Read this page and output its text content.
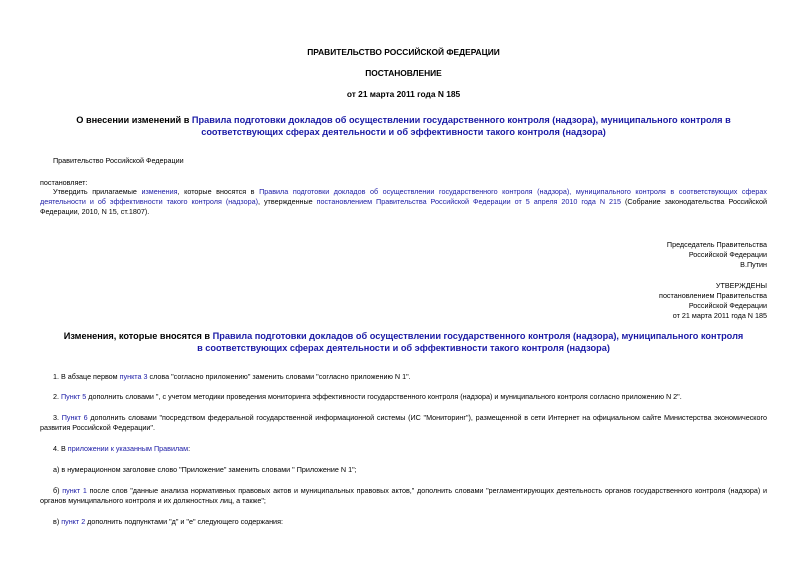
ПРАВИТЕЛЬСТВО РОССИЙСКОЙ ФЕДЕРАЦИИ
ПОСТАНОВЛЕНИЕ
от 21 марта 2011 года N 185
О внесении изменений в Правила подготовки докладов об осуществлении государственного контроля (надзора), муниципального контроля в соответствующих сферах деятельности и об эффективности такого контроля (надзора)
Правительство Российской Федерации
постановляет:
Утвердить прилагаемые изменения, которые вносятся в Правила подготовки докладов об осуществлении государственного контроля (надзора), муниципального контроля в соответствующих сферах деятельности и об эффективности такого контроля (надзора), утвержденные постановлением Правительства Российской Федерации от 5 апреля 2010 года N 215 (Собрание законодательства Российской Федерации, 2010, N 15, ст.1807).
Председатель Правительства
Российской Федерации
В.Путин
УТВЕРЖДЕНЫ
постановлением Правительства
Российской Федерации
от 21 марта 2011 года N 185
Изменения, которые вносятся в Правила подготовки докладов об осуществлении государственного контроля (надзора), муниципального контроля в соответствующих сферах деятельности и об эффективности такого контроля (надзора)
1. В абзаце первом пункта 3 слова "согласно приложению" заменить словами "согласно приложению N 1".
2. Пункт 5 дополнить словами ", с учетом методики проведения мониторинга эффективности государственного контроля (надзора) и муниципального контроля согласно приложению N 2".
3. Пункт 6 дополнить словами "посредством федеральной государственной информационной системы (ИС "Мониторинг"), размещенной в сети Интернет на официальном сайте Министерства экономического развития Российской Федерации".
4. В приложении к указанным Правилам:
а) в нумерационном заголовке слово "Приложение" заменить словами " Приложение N 1";
б) пункт 1 после слов "данные анализа нормативных правовых актов и муниципальных правовых актов," дополнить словами "регламентирующих деятельность органов государственного контроля (надзора) и органов муниципального контроля и их должностных лиц, а также";
в) пункт 2 дополнить подпунктами "д" и "е" следующего содержания:
